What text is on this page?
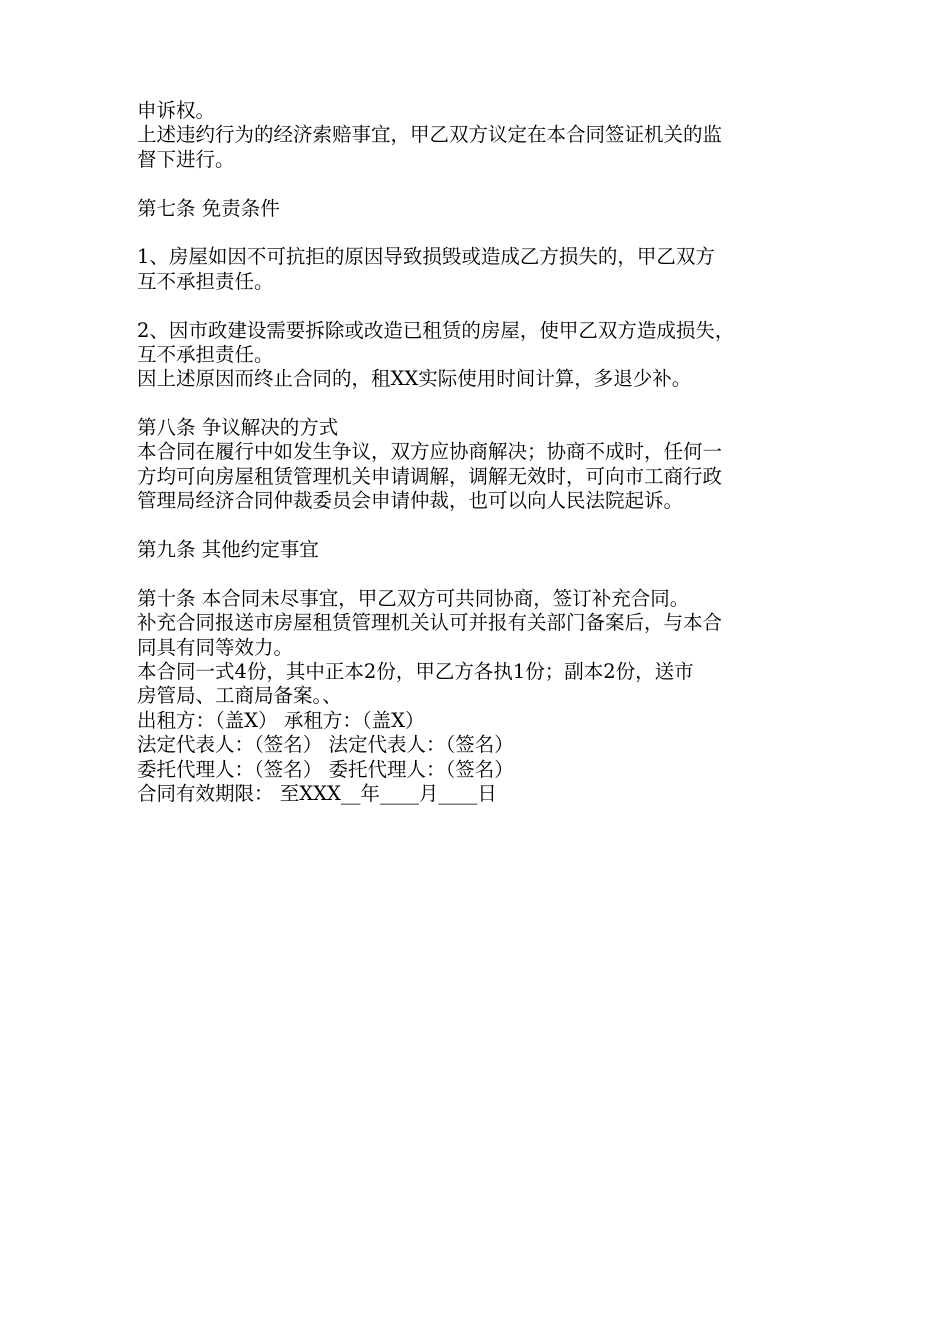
申诉权。
上述违约行为的经济索赔事宜，甲乙双方议定在本合同签证机关的监
督下进行。
第七条 免责条件
1、房屋如因不可抗拒的原因导致损毁或造成乙方损失的，甲乙双方
互不承担责任。
2、因市政建设需要拆除或改造已租赁的房屋，使甲乙双方造成损失，
互不承担责任。
因上述原因而终止合同的，租XX实际使用时间计算，多退少补。
第八条 争议解决的方式
本合同在履行中如发生争议，双方应协商解决；协商不成时，任何一
方均可向房屋租赁管理机关申请调解，调解无效时，可向市工商行政
管理局经济合同仲裁委员会申请仲裁，也可以向人民法院起诉。
第九条 其他约定事宜
第十条 本合同未尽事宜，甲乙双方可共同协商，签订补充合同。
补充合同报送市房屋租赁管理机关认可并报有关部门备案后，与本合
同具有同等效力。
本合同一式4份，其中正本2份，甲乙方各执1份；副本2份，送市
房管局、工商局备案。、
出租方：（盖X） 承租方：（盖X）
法定代表人：（签名） 法定代表人：（签名）
委托代理人：（签名） 委托代理人：（签名）
合同有效期限： 至XXX__年____月____日
